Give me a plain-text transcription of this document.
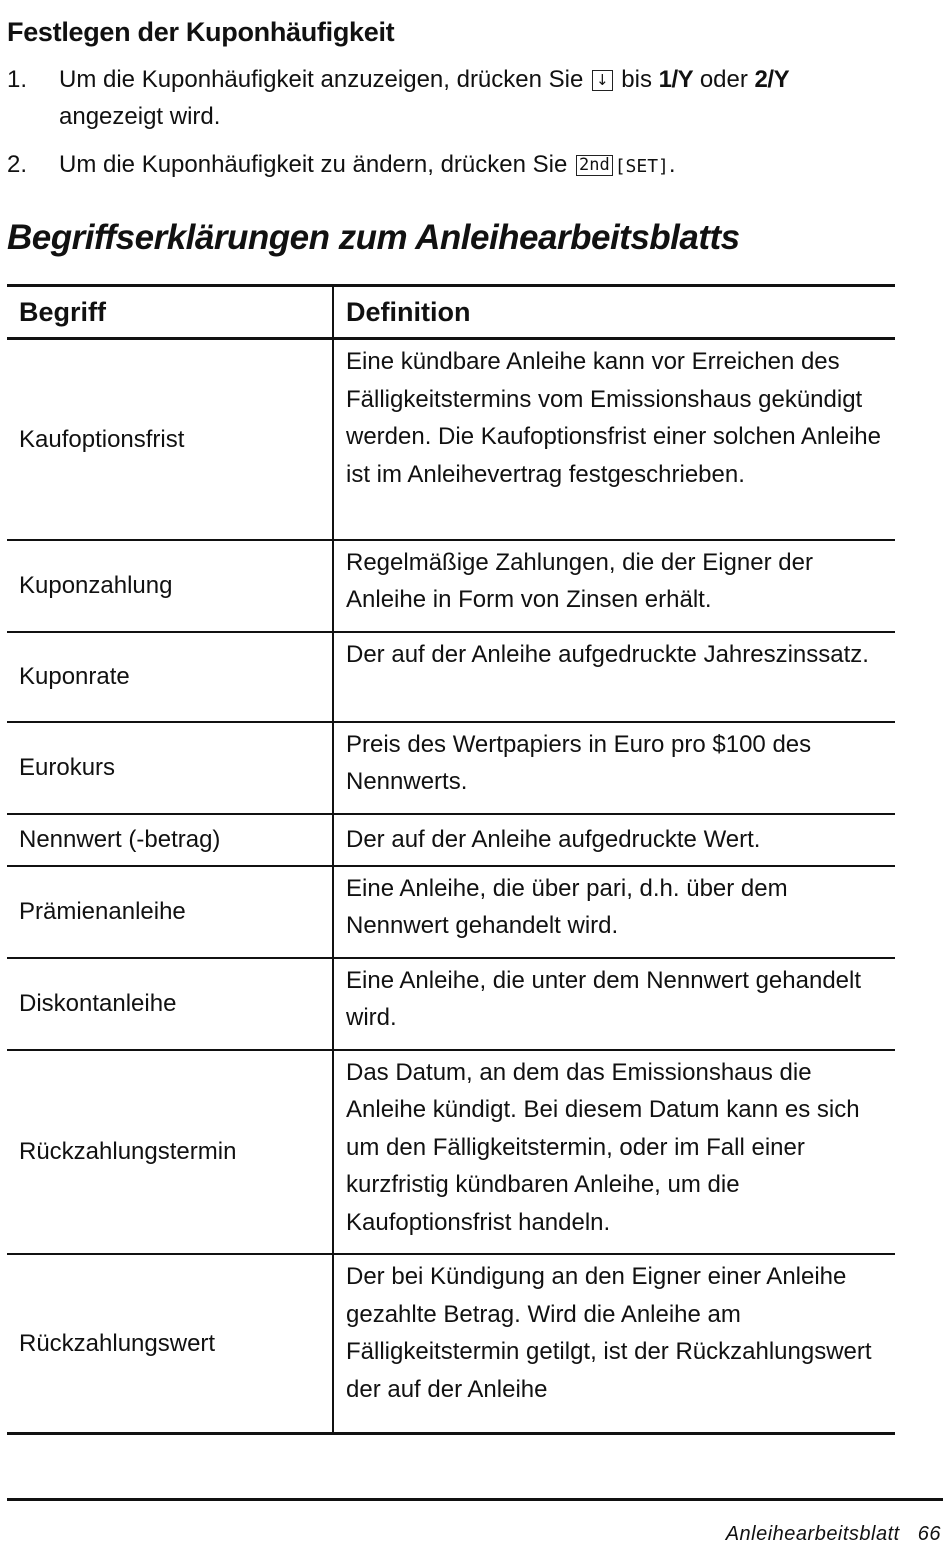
Festlegen der Kuponhäufigkeit
1.	Um die Kuponhäufigkeit anzuzeigen, drücken Sie ↓ bis 1/Y oder 2/Y angezeigt wird.
2.	Um die Kuponhäufigkeit zu ändern, drücken Sie 2nd [SET].
Begriffserklärungen zum Anleihearbeitsblatts
Begriff	Definition
Kaufoptionsfrist	Eine kündbare Anleihe kann vor Erreichen des Fälligkeitstermins vom Emissionshaus gekündigt werden. Die Kaufoptionsfrist einer solchen Anleihe ist im Anleihevertrag festgeschrieben.
Kuponzahlung	Regelmäßige Zahlungen, die der Eigner der Anleihe in Form von Zinsen erhält.
Kuponrate	Der auf der Anleihe aufgedruckte Jahreszinssatz.
Eurokurs	Preis des Wertpapiers in Euro pro $100 des Nennwerts.
Nennwert (-betrag)	Der auf der Anleihe aufgedruckte Wert.
Prämienanleihe	Eine Anleihe, die über pari, d.h. über dem Nennwert gehandelt wird.
Diskontanleihe	Eine Anleihe, die unter dem Nennwert gehandelt wird.
Rückzahlungstermin	Das Datum, an dem das Emissionshaus die Anleihe kündigt. Bei diesem Datum kann es sich um den Fälligkeitstermin, oder im Fall einer kurzfristig kündbaren Anleihe, um die Kaufoptionsfrist handeln.
Rückzahlungswert	Der bei Kündigung an den Eigner einer Anleihe gezahlte Betrag. Wird die Anleihe am Fälligkeitstermin getilgt, ist der Rückzahlungswert der auf der Anleihe
Anleihearbeitsblatt 66
